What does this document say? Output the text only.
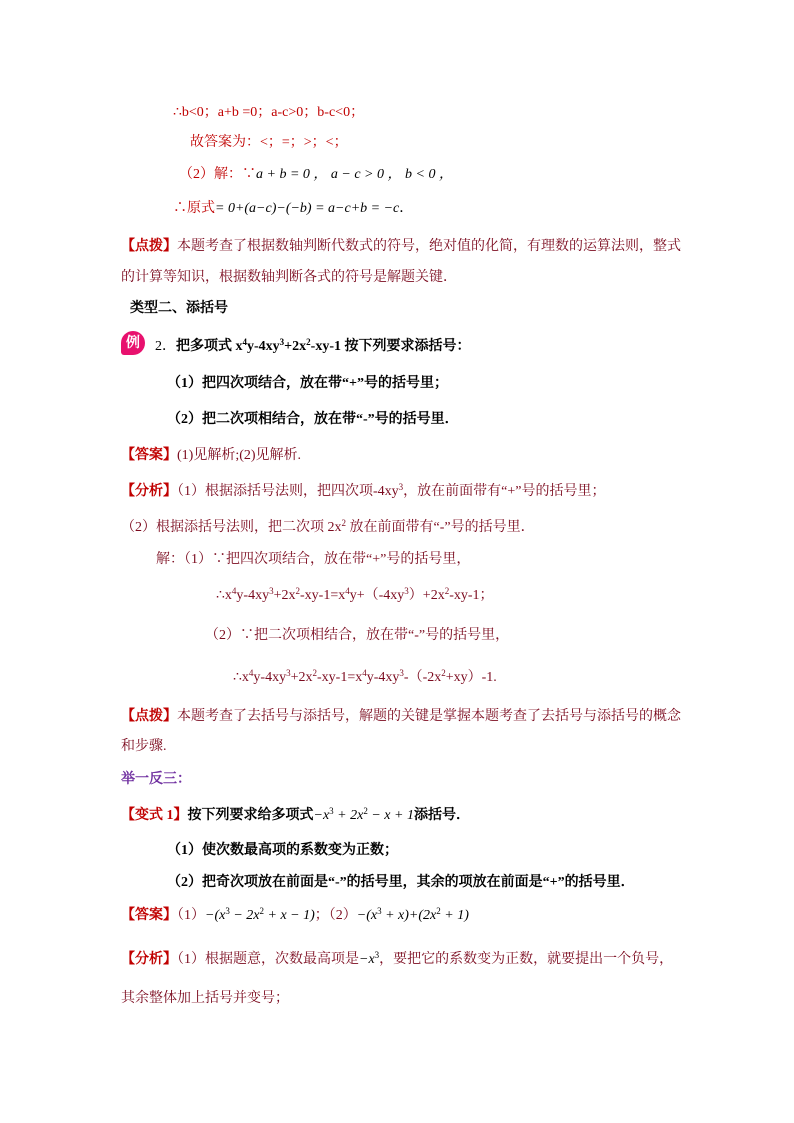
∴b<0；a+b =0；a-c>0；b-c<0；
故答案为：<；=；>；<；
（2）解：∵a + b = 0 ， a − c > 0 ， b < 0 ，
∴原式= 0+(a−c)−(−b) = a−c+b = −c．
【点拨】本题考查了根据数轴判断代数式的符号，绝对值的化简，有理数的运算法则，整式
的计算等知识，根据数轴判断各式的符号是解题关键．
类型二、添括号
例	2．把多项式 $x^4y-4xy^3+2x^2-xy-1$ 按下列要求添括号：
（1）把四次项结合，放在带“+”号的括号里；
（2）把二次项相结合，放在带“-”号的括号里．
【答案】(1)见解析;(2)见解析.
【分析】（1）根据添括号法则，把四次项$-4xy^3$，放在前面带有“+”号的括号里；
（2）根据添括号法则，把二次项 $2x^2$ 放在前面带有“-”号的括号里．
解：（1）∵把四次项结合，放在带“+”号的括号里，
$\therefore x^4y-4xy^3+2x^2-xy-1=x^4y+(-4xy^3)+2x^2-xy-1$；
（2）∵把二次项相结合，放在带“-”号的括号里，
$\therefore x^4y-4xy^3+2x^2-xy-1=x^4y-4xy^3-(-2x^2+xy)-1$.
【点拨】本题考查了去括号与添括号，解题的关键是掌握本题考查了去括号与添括号的概念
和步骤.
举一反三：
【变式 1】按下列要求给多项式$-x^3 + 2x^2 - x + 1$添括号．
（1）使次数最高项的系数变为正数；
（2）把奇次项放在前面是“-”的括号里，其余的项放在前面是“+”的括号里．
【答案】$(1)-(x^3 - 2x^2 + x - 1)$；$(2)-(x^3 + x)+(2x^2 + 1)$
【分析】（1）根据题意，次数最高项是$-x^3$，要把它的系数变为正数，就要提出一个负号，
其余整体加上括号并变号；
